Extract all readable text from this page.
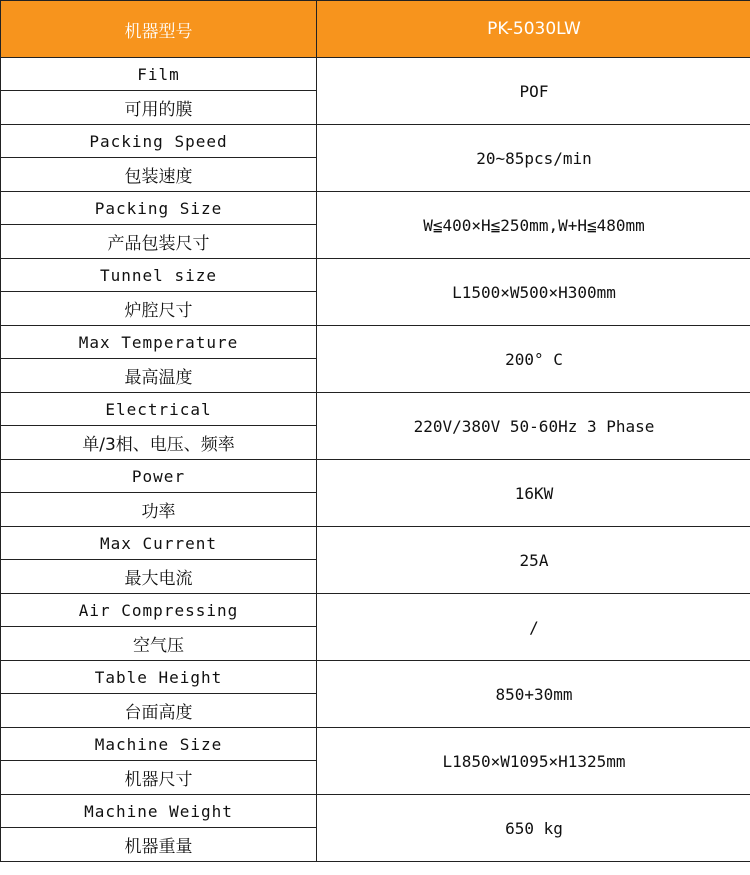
机器型号	PK-5030LW
Film	POF
可用的膜	
Packing Speed	20~85pcs/min
包装速度	
Packing Size	W≦400×H≦250mm,W+H≦480mm
产品包装尺寸	
Tunnel size	L1500×W500×H300mm
炉腔尺寸	
Max Temperature	200° C
最高温度	
Electrical	220V/380V 50-60Hz 3 Phase
单/3相、电压、频率	
Power	16KW
功率	
Max Current	25A
最大电流	
Air Compressing	/
空气压	
Table Height	850+30mm
台面高度	
Machine Size	L1850×W1095×H1325mm
机器尺寸	
Machine Weight	650 kg
机器重量	
